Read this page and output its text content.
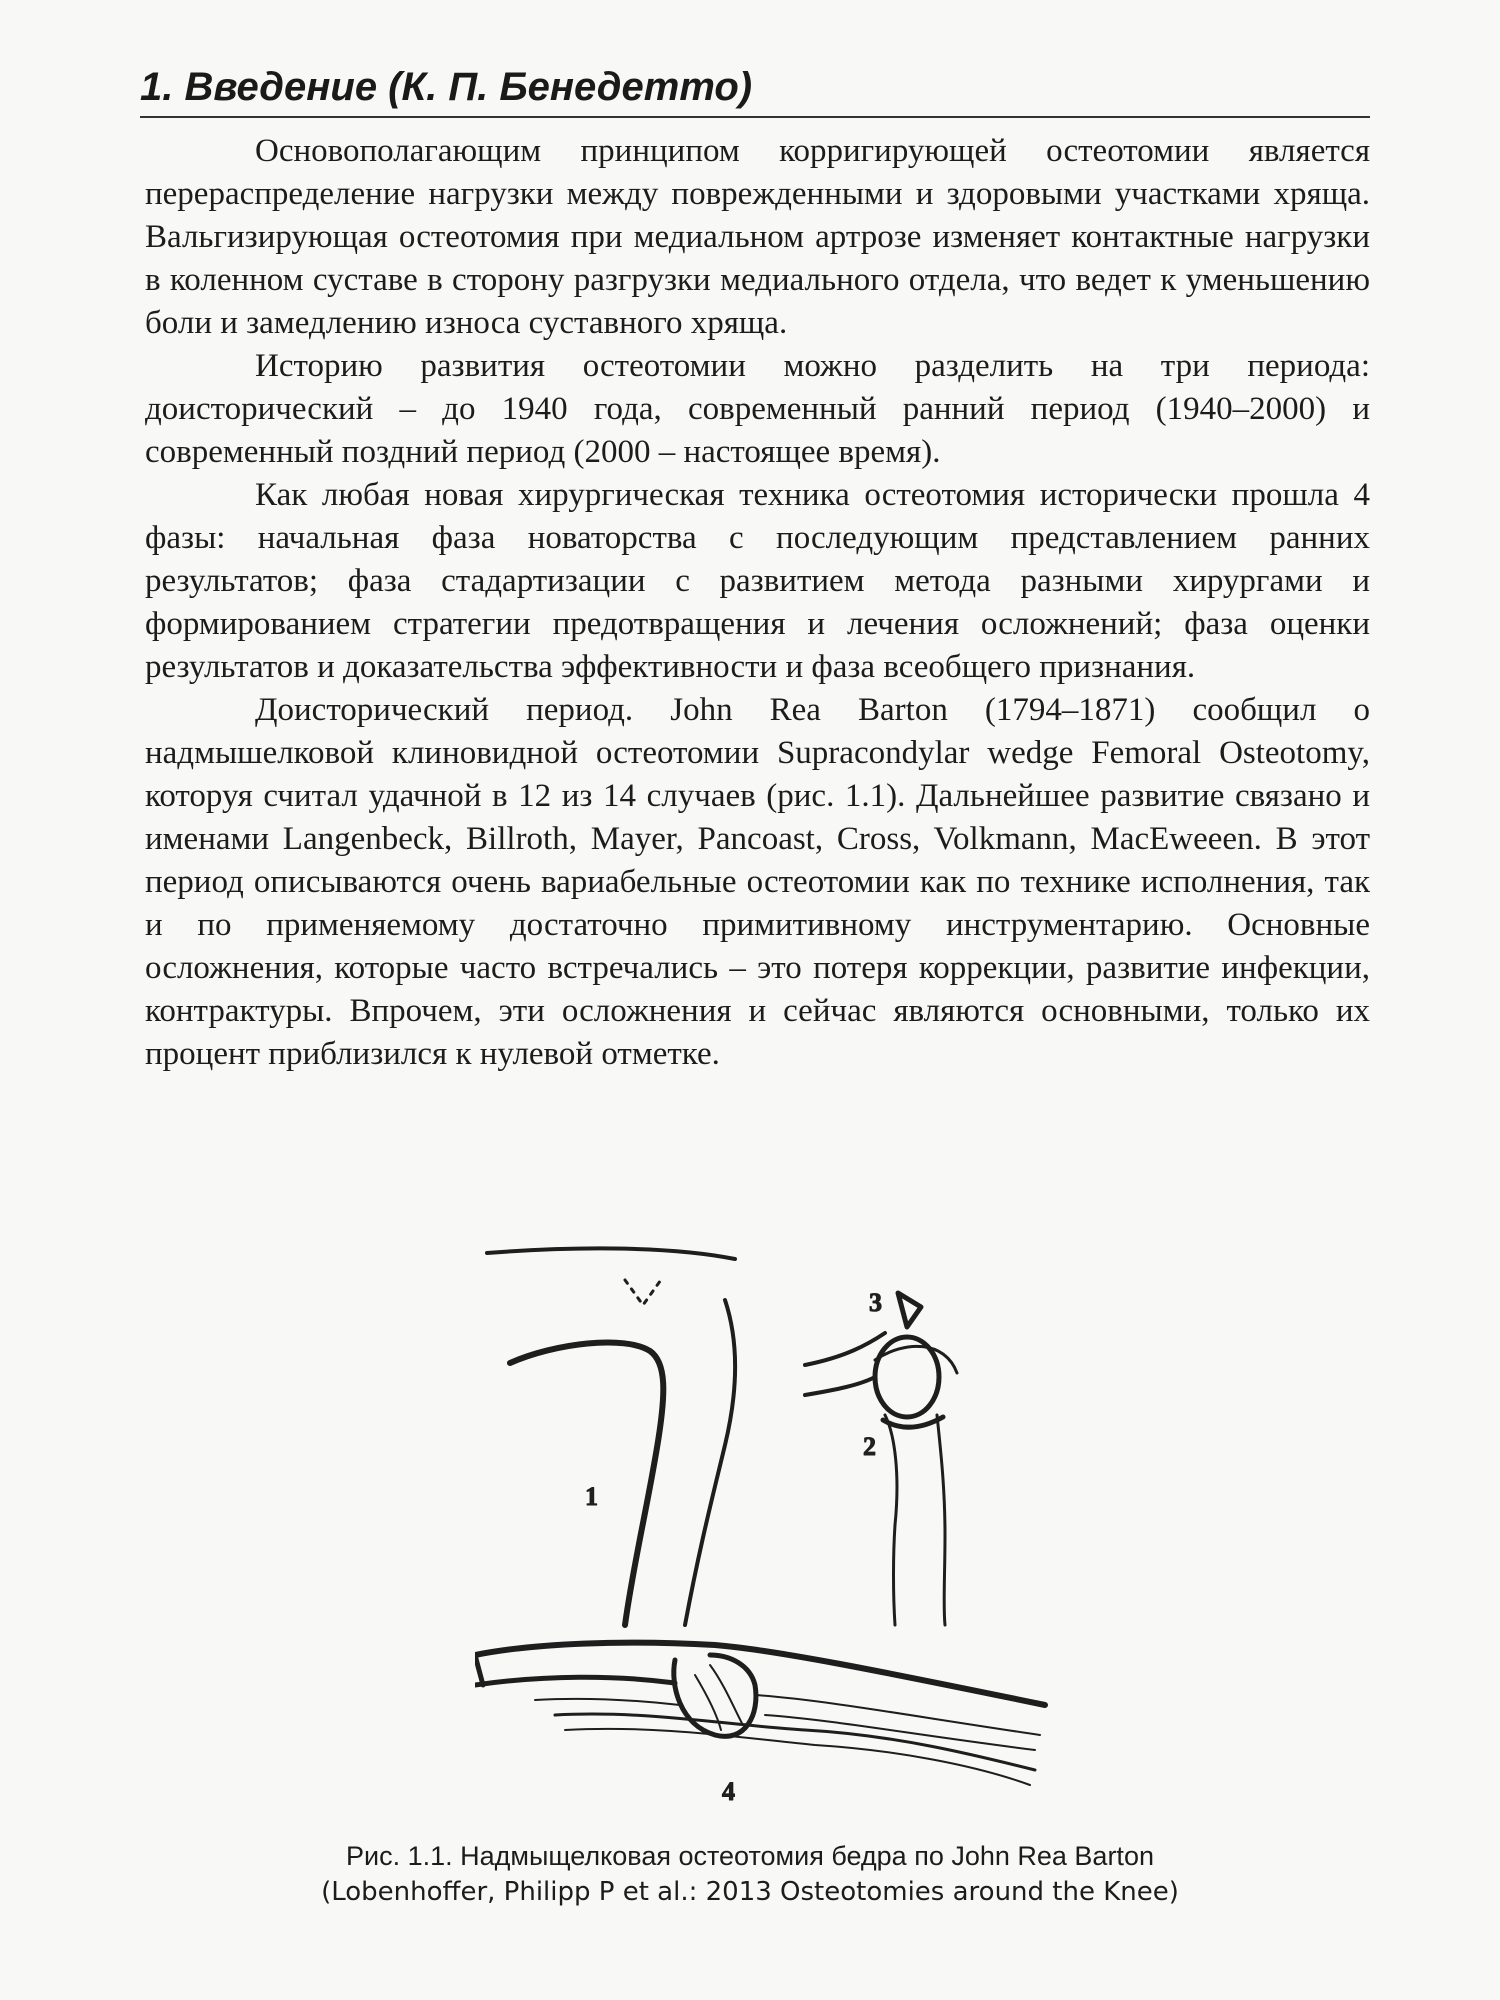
1. Введение (К. П. Бенедетто)

Основополагающим принципом корригирующей остеотомии является перераспределение нагрузки между поврежденными и здоровыми участками хряща. Вальгизирующая остеотомия при медиальном артрозе изменяет контактные нагрузки в коленном суставе в сторону разгрузки медиального отдела, что ведет к уменьшению боли и замедлению износа суставного хряща.

Историю развития остеотомии можно разделить на три периода: доисторический – до 1940 года, современный ранний период (1940–2000) и современный поздний период (2000 – настоящее время).

Как любая новая хирургическая техника остеотомия исторически прошла 4 фазы: начальная фаза новаторства с последующим представлением ранних результатов; фаза стадартизации с развитием метода разными хирургами и формированием стратегии предотвращения и лечения осложнений; фаза оценки результатов и доказательства эффективности и фаза всеобщего признания.

Доисторический период. John Rea Barton (1794–1871) сообщил о надмышелковой клиновидной остеотомии Supracondylar wedge Femoral Osteotomy, которуя считал удачной в 12 из 14 случаев (рис. 1.1). Дальнейшее развитие связано и именами Langenbeck, Billroth, Mayer, Pancoast, Cross, Volkmann, MacEweeen. В этот период описываются очень вариабельные остеотомии как по технике исполнения, так и по применяемому достаточно примитивному инструментарию. Основные осложнения, которые часто встречались – это потеря коррекции, развитие инфекции, контрактуры. Впрочем, эти осложнения и сейчас являются основными, только их процент приблизился к нулевой отметке.

1
2
3
4
Рис. 1.1. Надмыщелковая остеотомия бедра по John Rea Barton
(Lobenhoffer, Philipp P et al.: 2013 Osteotomies around the Knee)
